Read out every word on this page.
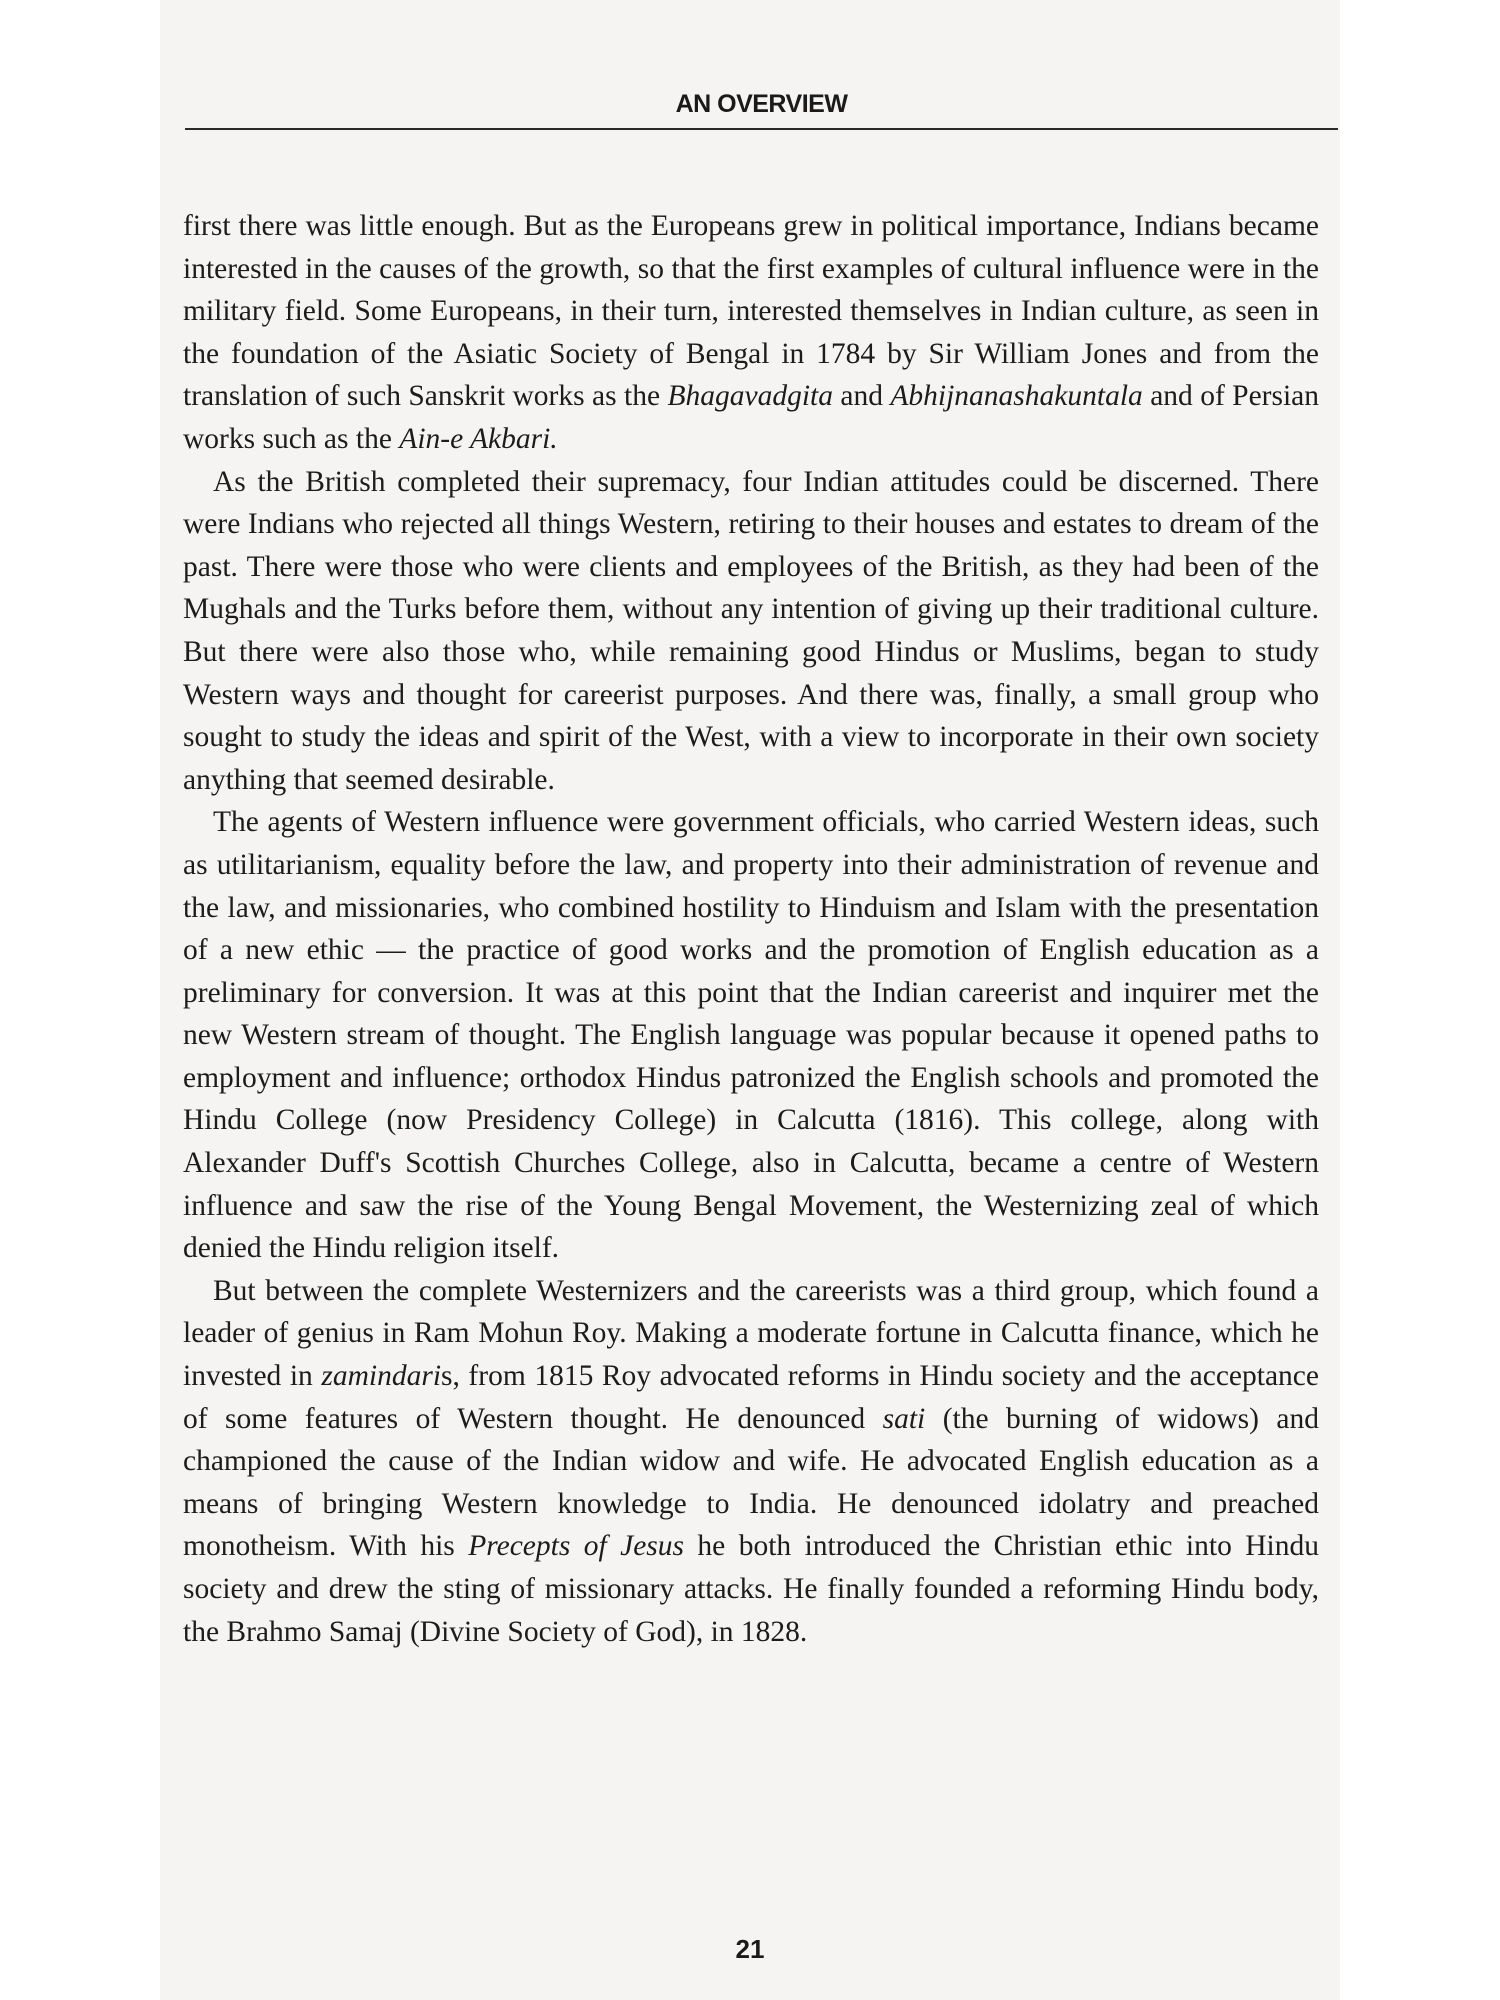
AN OVERVIEW

first there was little enough. But as the Europeans grew in political importance, Indians became interested in the causes of the growth, so that the first examples of cultural influence were in the military field. Some Europeans, in their turn, interested themselves in Indian culture, as seen in the foundation of the Asiatic Society of Bengal in 1784 by Sir William Jones and from the translation of such Sanskrit works as the Bhagavadgita and Abhijnanashakuntala and of Persian works such as the Ain-e Akbari.

As the British completed their supremacy, four Indian attitudes could be discerned. There were Indians who rejected all things Western, retiring to their houses and estates to dream of the past. There were those who were clients and employees of the British, as they had been of the Mughals and the Turks before them, without any intention of giving up their traditional culture. But there were also those who, while remaining good Hindus or Muslims, began to study Western ways and thought for careerist purposes. And there was, finally, a small group who sought to study the ideas and spirit of the West, with a view to incorporate in their own society anything that seemed desirable.

The agents of Western influence were government officials, who carried Western ideas, such as utilitarianism, equality before the law, and property into their administration of revenue and the law, and missionaries, who combined hostility to Hinduism and Islam with the presentation of a new ethic — the practice of good works and the promotion of English education as a preliminary for conversion. It was at this point that the Indian careerist and inquirer met the new Western stream of thought. The English language was popular because it opened paths to employment and influence; orthodox Hindus patronized the English schools and promoted the Hindu College (now Presidency College) in Calcutta (1816). This college, along with Alexander Duff's Scottish Churches College, also in Calcutta, became a centre of Western influence and saw the rise of the Young Bengal Movement, the Westernizing zeal of which denied the Hindu religion itself.

But between the complete Westernizers and the careerists was a third group, which found a leader of genius in Ram Mohun Roy. Making a moderate fortune in Calcutta finance, which he invested in zamindaris, from 1815 Roy advocated reforms in Hindu society and the acceptance of some features of Western thought. He denounced sati (the burning of widows) and championed the cause of the Indian widow and wife. He advocated English education as a means of bringing Western knowledge to India. He denounced idolatry and preached monotheism. With his Precepts of Jesus he both introduced the Christian ethic into Hindu society and drew the sting of missionary attacks. He finally founded a reforming Hindu body, the Brahmo Samaj (Divine Society of God), in 1828.

21
